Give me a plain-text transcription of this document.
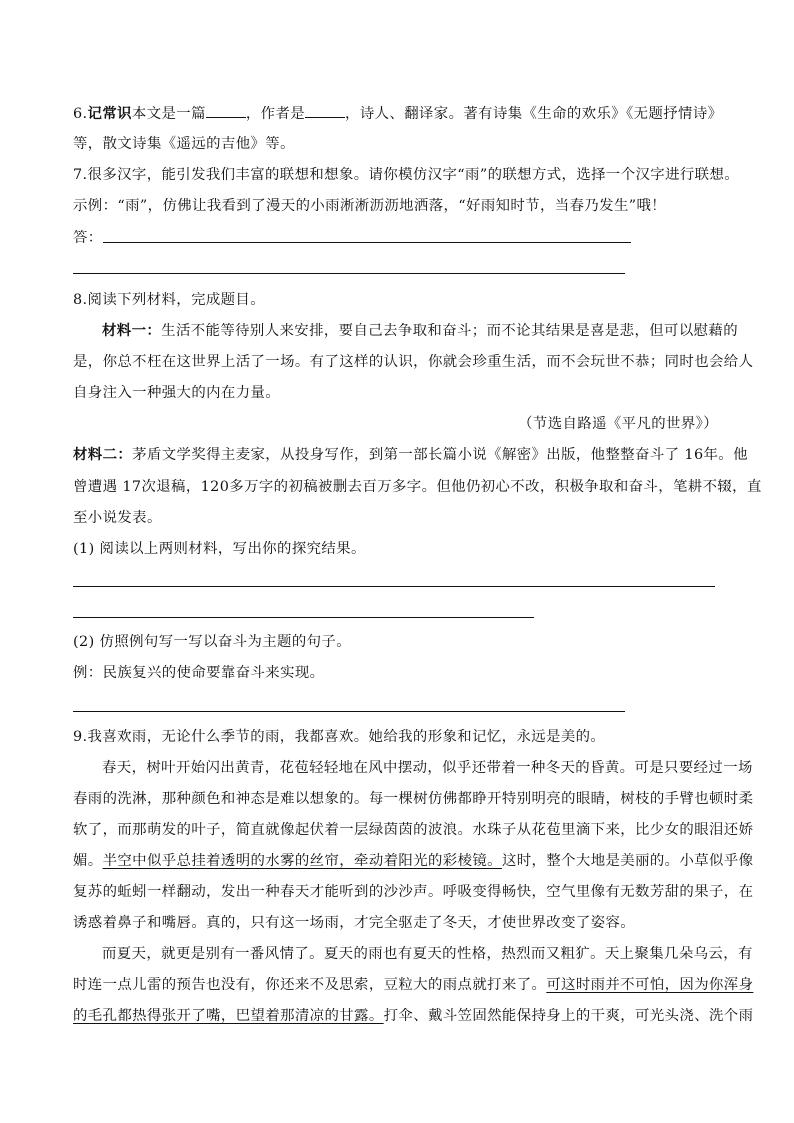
6.记常识本文是一篇	，作者是	，诗人、翻译家。著有诗集《生命的欢乐》《无题抒情诗》
等，散文诗集《遥远的吉他》等。
7.很多汉字，能引发我们丰富的联想和想象。请你模仿汉字“雨”的联想方式，选择一个汉字进行联想。
示例：“雨”，仿佛让我看到了漫天的小雨淅淅沥沥地洒落，“好雨知时节，当春乃发生”哦！
答：
8.阅读下列材料，完成题目。
材料一：生活不能等待别人来安排，要自己去争取和奋斗；而不论其结果是喜是悲，但可以慰藉的
是，你总不枉在这世界上活了一场。有了这样的认识，你就会珍重生活，而不会玩世不恭；同时也会给人
自身注入一种强大的内在力量。
（节选自路遥《平凡的世界》）
材料二：茅盾文学奖得主麦家，从投身写作，到第一部长篇小说《解密》出版，他整整奋斗了 16年。他
曾遭遇 17次退稿，120多万字的初稿被删去百万多字。但他仍初心不改，积极争取和奋斗，笔耕不辍，直
至小说发表。
(1) 阅读以上两则材料，写出你的探究结果。
(2) 仿照例句写一写以奋斗为主题的句子。
例：民族复兴的使命要靠奋斗来实现。
9.我喜欢雨，无论什么季节的雨，我都喜欢。她给我的形象和记忆，永远是美的。
春天，树叶开始闪出黄青，花苞轻轻地在风中摆动，似乎还带着一种冬天的昏黄。可是只要经过一场
春雨的洗淋，那种颜色和神态是难以想象的。每一棵树仿佛都睁开特别明亮的眼睛，树枝的手臂也顿时柔
软了，而那萌发的叶子，简直就像起伏着一层绿茵茵的波浪。水珠子从花苞里滴下来，比少女的眼泪还娇
媚。半空中似乎总挂着透明的水雾的丝帘，牵动着阳光的彩棱镜。这时，整个大地是美丽的。小草似乎像
复苏的蚯蚓一样翻动，发出一种春天才能听到的沙沙声。呼吸变得畅快，空气里像有无数芳甜的果子，在
诱惑着鼻子和嘴唇。真的，只有这一场雨，才完全驱走了冬天，才使世界改变了姿容。
而夏天，就更是别有一番风情了。夏天的雨也有夏天的性格，热烈而又粗犷。天上聚集几朵乌云，有
时连一点儿雷的预告也没有，你还来不及思索，豆粒大的雨点就打来了。可这时雨并不可怕，因为你浑身
的毛孔都热得张开了嘴，巴望着那清凉的甘露。打伞、戴斗笠固然能保持身上的干爽，可光头浇、洗个雨
